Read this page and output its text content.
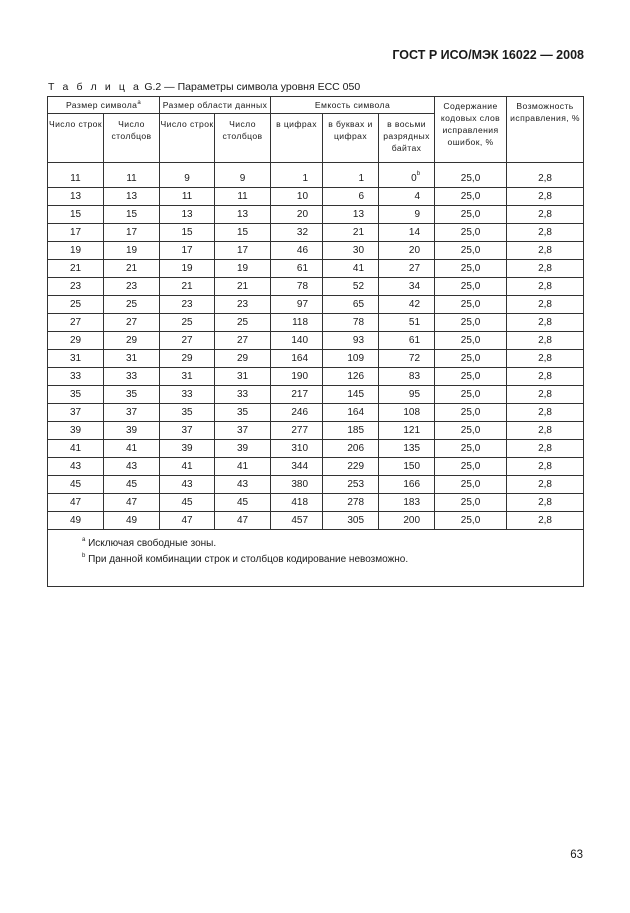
ГОСТ Р ИСО/МЭК 16022 — 2008
Т а б л и ц а G.2 — Параметры символа уровня ECC 050
Размер символа$^a$		Размер области данных		Емкость символа			Содержание кодовых слов исправления ошибок, %	Возможность исправления, %
Число строк	Число столбцов	Число строк	Число столбцов	в цифрах	в буквах и цифрах	в восьми разрядных байтах		
11	11	9	9	1	1	0$^b$	25,0	2,8
13	13	11	11	10	6	4	25,0	2,8
15	15	13	13	20	13	9	25,0	2,8
17	17	15	15	32	21	14	25,0	2,8
19	19	17	17	46	30	20	25,0	2,8
21	21	19	19	61	41	27	25,0	2,8
23	23	21	21	78	52	34	25,0	2,8
25	25	23	23	97	65	42	25,0	2,8
27	27	25	25	118	78	51	25,0	2,8
29	29	27	27	140	93	61	25,0	2,8
31	31	29	29	164	109	72	25,0	2,8
33	33	31	31	190	126	83	25,0	2,8
35	35	33	33	217	145	95	25,0	2,8
37	37	35	35	246	164	108	25,0	2,8
39	39	37	37	277	185	121	25,0	2,8
41	41	39	39	310	206	135	25,0	2,8
43	43	41	41	344	229	150	25,0	2,8
45	45	43	43	380	253	166	25,0	2,8
47	47	45	45	418	278	183	25,0	2,8
49	49	47	47	457	305	200	25,0	2,8

$^a$ Исключая свободные зоны.
$^b$ При данной комбинации строк и столбцов кодирование невозможно.								
63
